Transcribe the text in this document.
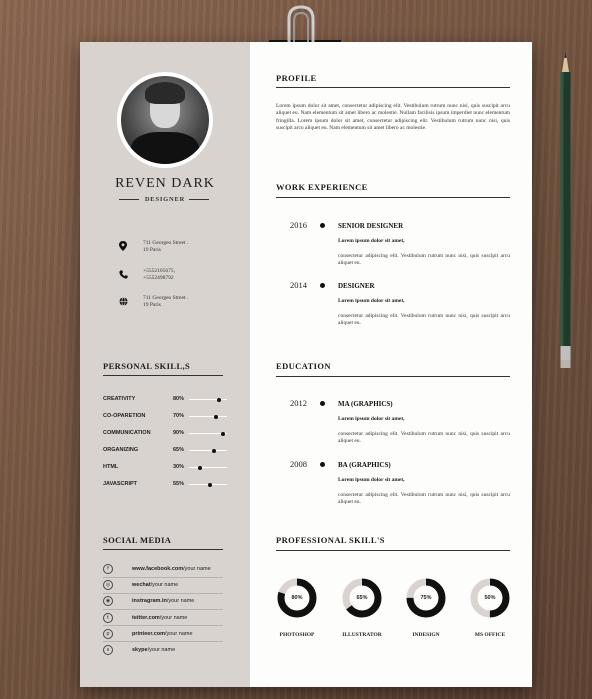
REVEN DARK
DESIGNER
711 Georgeo Street .
19 Paris
+5552105675,
+5552498792
711 Georgeo Street .
19 Paris
PERSONAL SKILL,S
CREATIVITY	80%
CO-OPARETION	70%
COMMUNICATION	90%
ORGANIZING	65%
HTML	30%
JAVASCRIPT	55%
SOCIAL MEDIA
f	www.facebook.com/your name
◎	wechat/your name
◉	instragram.in/your name
t	teitter.com/your name
p	printeer.com/your name
s	skype/your name
PROFILE
Lorem ipsum dolor sit amet, consectetur adipiscing elit. Vestibulum rutrum nunc nisi, quis suscipit arcu aliquet eu. Nam elementum sit amet libero ac molestie. Nullam facilisis ipsum imperdiet nunc elementum fringilla. Lorem ipsum dolor sit amet, consectetur adipiscing elit. Vestibulum rutrum nunc nisi, quis suscipit arcu aliquet eu. Nam elementum sit amet libero ac molestie.
WORK EXPERIENCE
2016	SENIOR DESIGNER
Lorem ipsum dolor sit amet,
consectetur adipiscing elit. Vestibulum rutrum nunc nisi, quis suscipit arcu aliquet eu.
2014	DESIGNER
Lorem ipsum dolor sit amet,
consectetur adipiscing elit. Vestibulum rutrum nunc nisi, quis suscipit arcu aliquet eu.
EDUCATION
2012	MA (GRAPHICS)
Lorem ipsum dolor sit amet,
consectetur adipiscing elit. Vestibulum rutrum nunc nisi, quis suscipit arcu aliquet eu.
2008	BA (GRAPHICS)
Lorem ipsum dolor sit amet,
consectetur adipiscing elit. Vestibulum rutrum nunc nisi, quis suscipit arcu aliquet eu.
PROFESSIONAL SKILL'S
80%
PHOTOSHOP
65%
ILLUSTRATOR
75%
INDESIGN
50%
MS OFFICE
